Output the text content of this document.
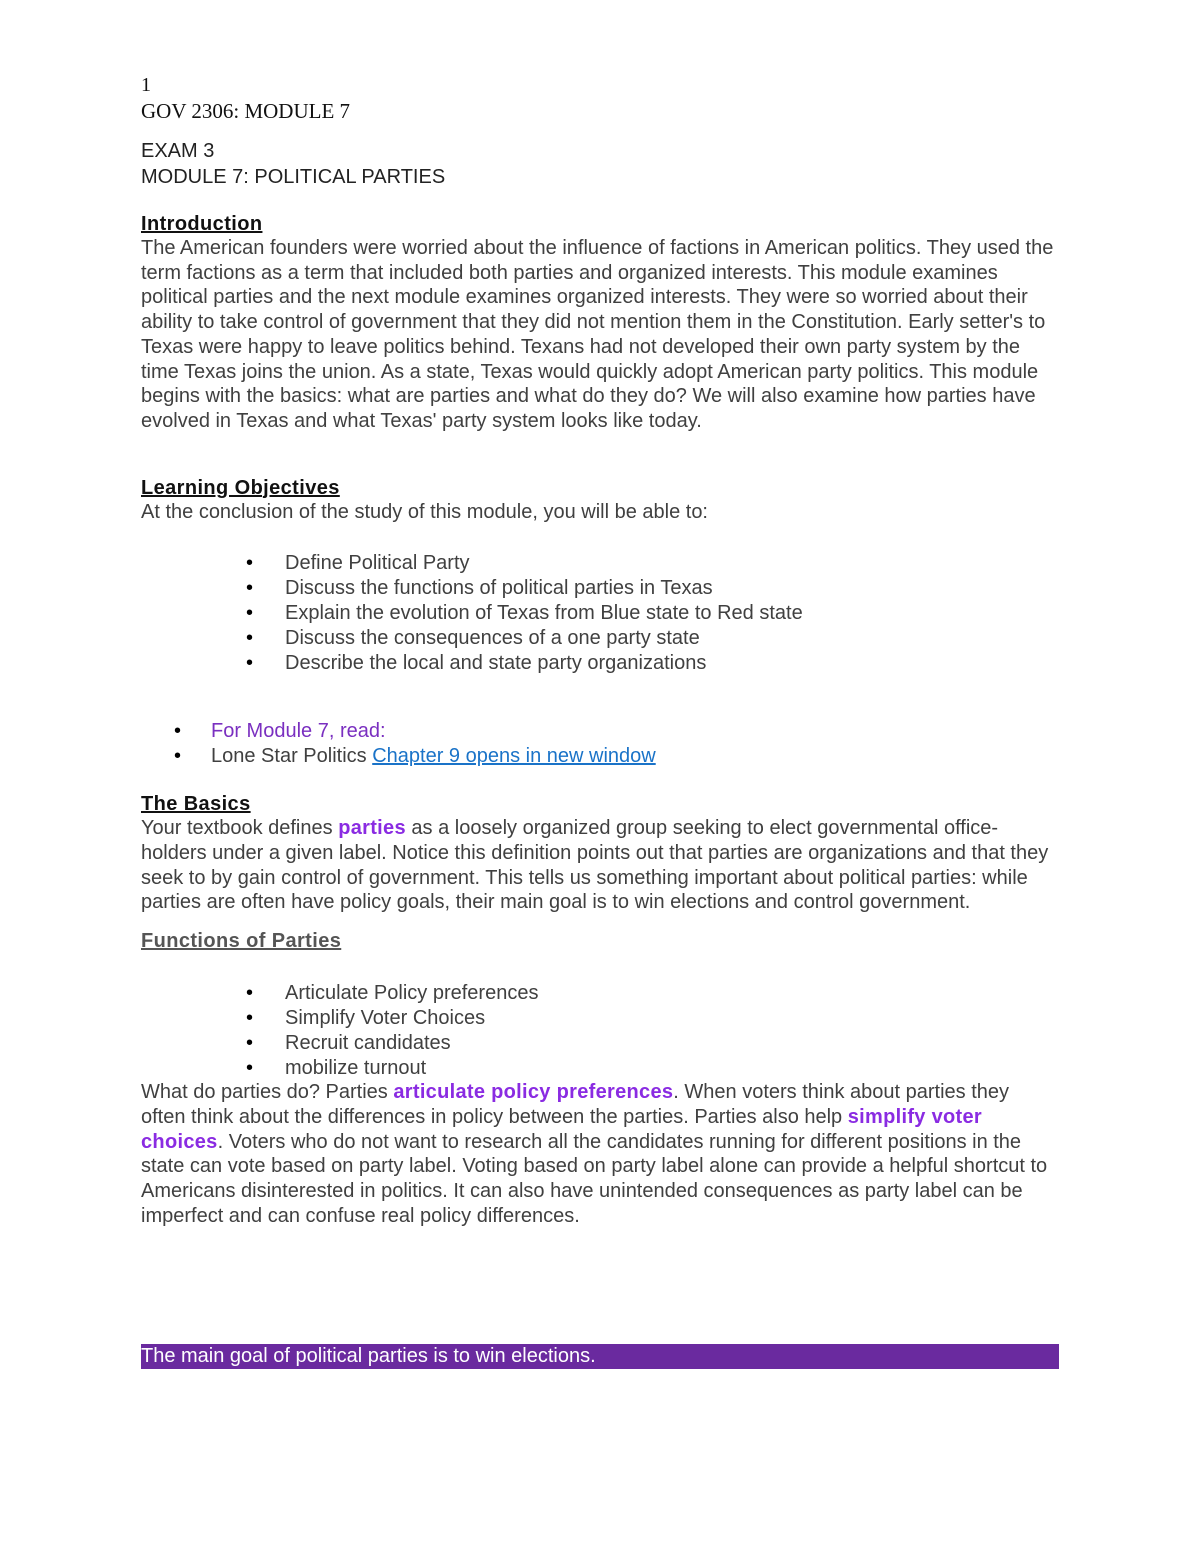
1
GOV 2306: MODULE 7

EXAM 3

MODULE 7: POLITICAL PARTIES

Introduction

The American founders were worried about the influence of factions in American politics. They used the term factions as a term that included both parties and organized interests. This module examines political parties and the next module examines organized interests. They were so worried about their ability to take control of government that they did not mention them in the Constitution. Early setter's to Texas were happy to leave politics behind. Texans had not developed their own party system by the time Texas joins the union. As a state, Texas would quickly adopt American party politics. This module begins with the basics: what are parties and what do they do? We will also examine how parties have evolved in Texas and what Texas' party system looks like today.

Learning Objectives

At the conclusion of the study of this module, you will be able to:

• Define Political Party
• Discuss the functions of political parties in Texas
• Explain the evolution of Texas from Blue state to Red state
• Discuss the consequences of a one party state
• Describe the local and state party organizations
• For Module 7, read:
• Lone Star Politics Chapter 9 opens in new window

The Basics

Your textbook defines parties as a loosely organized group seeking to elect governmental office-holders under a given label. Notice this definition points out that parties are organizations and that they seek to by gain control of government. This tells us something important about political parties: while parties are often have policy goals, their main goal is to win elections and control government.

Functions of Parties

• Articulate Policy preferences
• Simplify Voter Choices
• Recruit candidates
• mobilize turnout

What do parties do? Parties articulate policy preferences. When voters think about parties they often think about the differences in policy between the parties. Parties also help simplify voter choices. Voters who do not want to research all the candidates running for different positions in the state can vote based on party label. Voting based on party label alone can provide a helpful shortcut to Americans disinterested in politics. It can also have unintended consequences as party label can be imperfect and can confuse real policy differences.

The main goal of political parties is to win elections.
